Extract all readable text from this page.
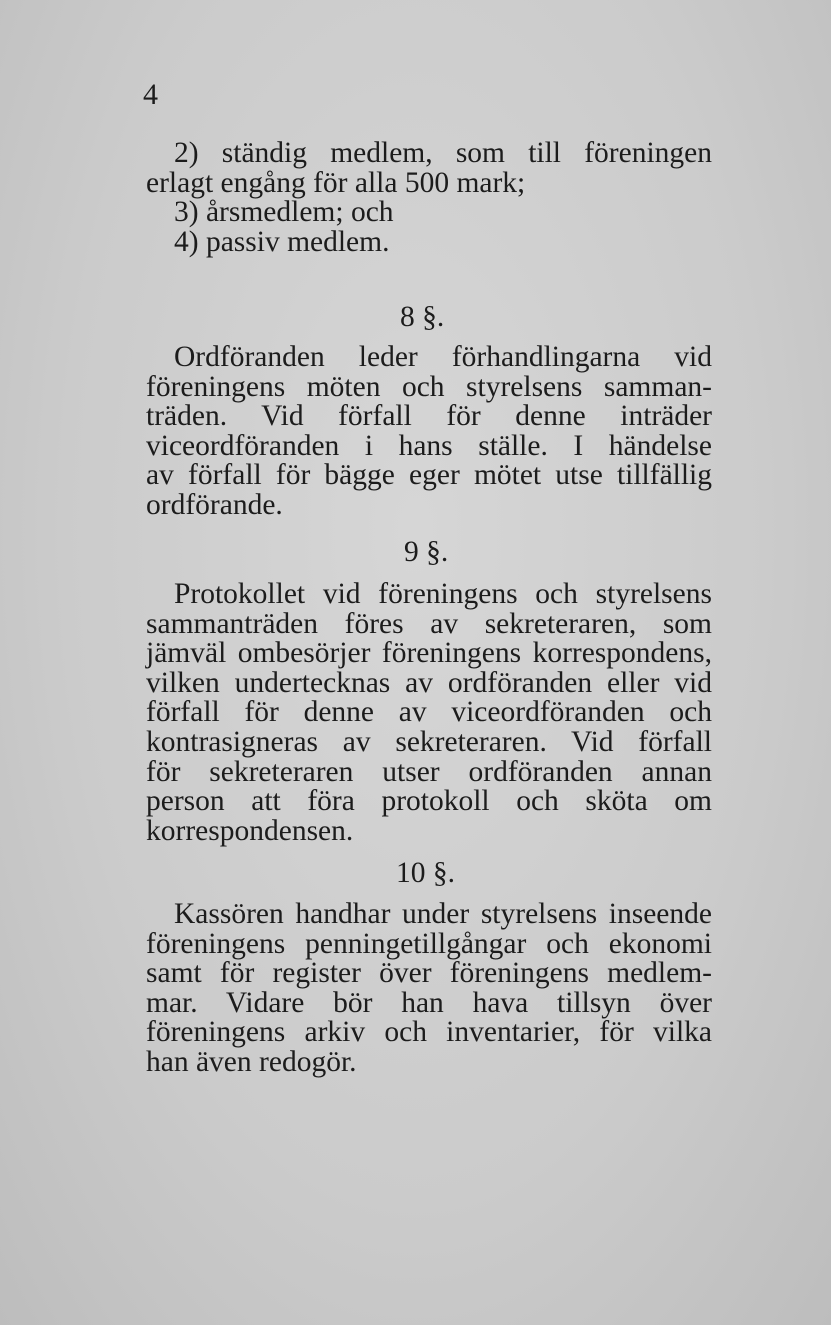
4
2) ständig medlem, som till föreningen
erlagt engång för alla 500 mark;
3) årsmedlem; och
4) passiv medlem.
8 §.
Ordföranden leder förhandlingarna vid
föreningens möten och styrelsens samman-
träden. Vid förfall för denne inträder
viceordföranden i hans ställe. I händelse
av förfall för bägge eger mötet utse tillfällig
ordförande.
9 §.
Protokollet vid föreningens och styrelsens
sammanträden föres av sekreteraren, som
jämväl ombesörjer föreningens korrespondens,
vilken undertecknas av ordföranden eller vid
förfall för denne av viceordföranden och
kontrasigneras av sekreteraren. Vid förfall
för sekreteraren utser ordföranden annan
person att föra protokoll och sköta om
korrespondensen.
10 §.
Kassören handhar under styrelsens inseende
föreningens penningetillgångar och ekonomi
samt för register över föreningens medlem-
mar. Vidare bör han hava tillsyn över
föreningens arkiv och inventarier, för vilka
han även redogör.
